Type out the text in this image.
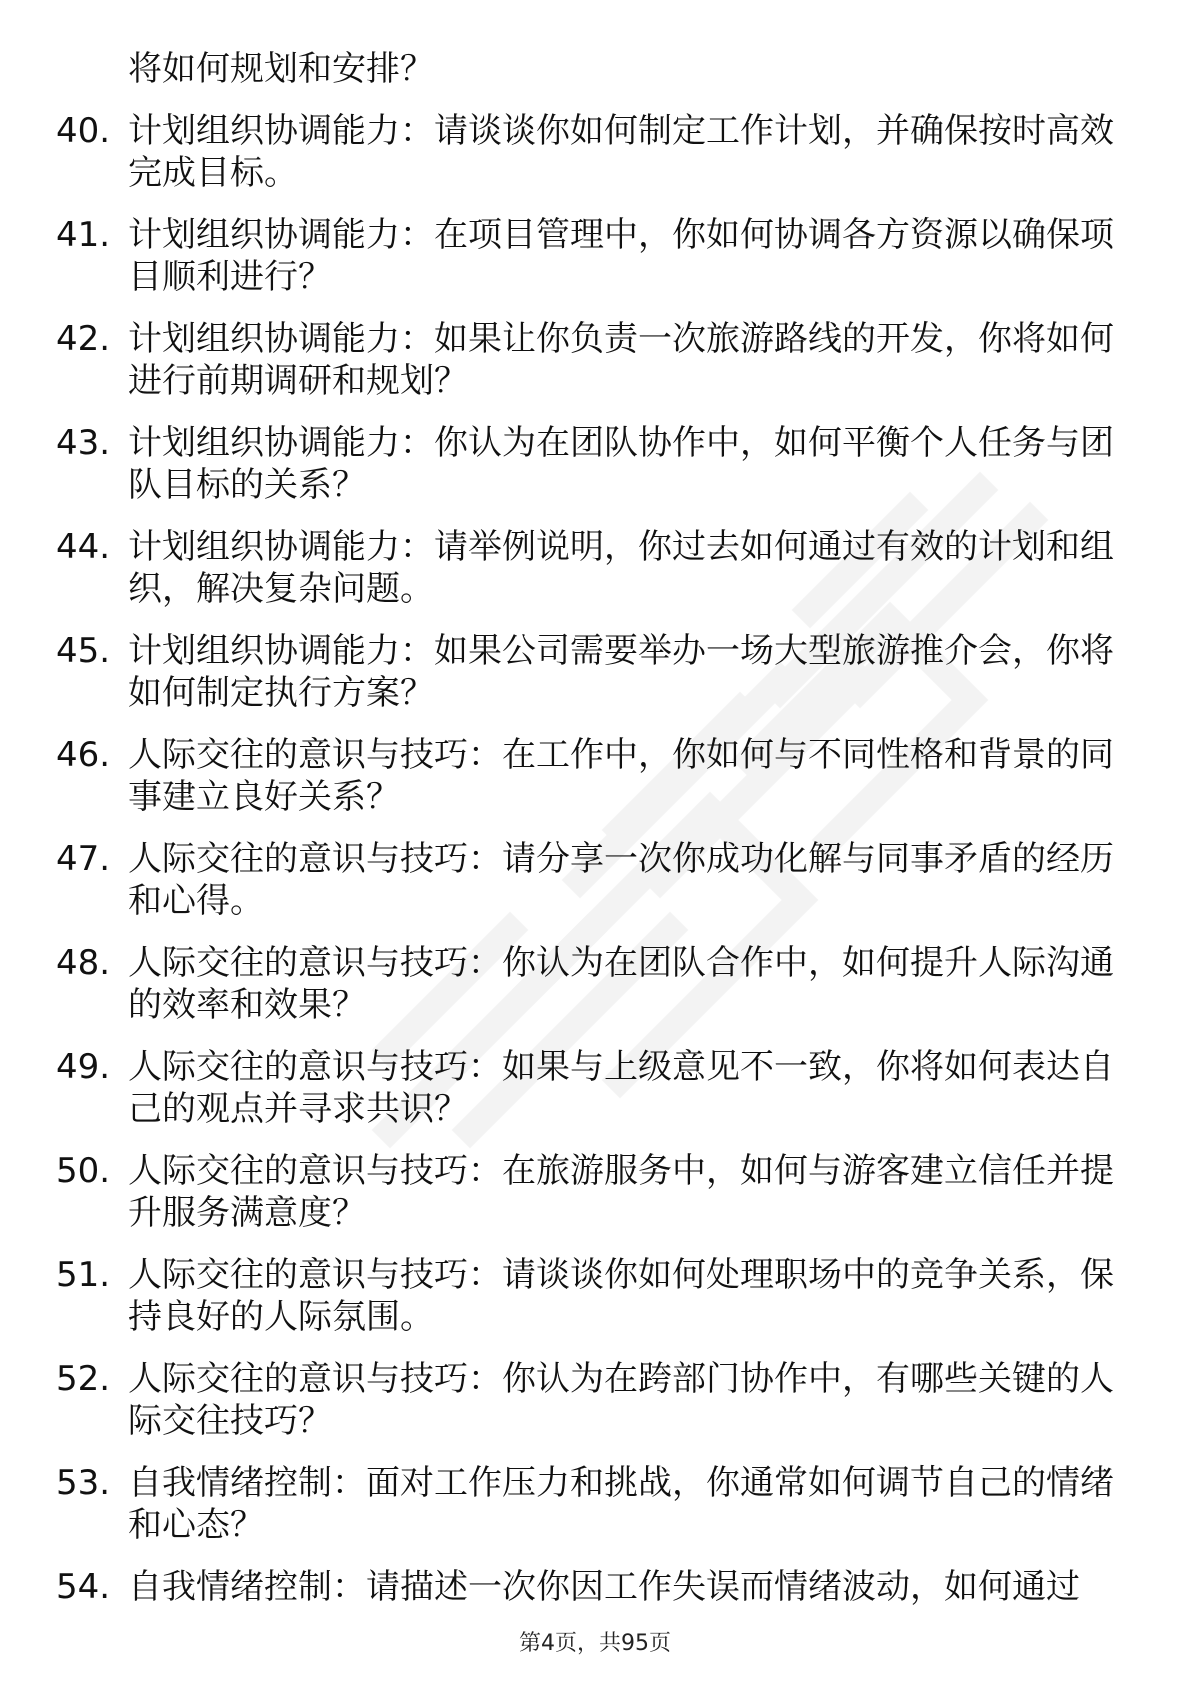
将如何规划和安排？
40. 计划组织协调能力：请谈谈你如何制定工作计划，并确保按时高效完成目标。
41. 计划组织协调能力：在项目管理中，你如何协调各方资源以确保项目顺利进行？
42. 计划组织协调能力：如果让你负责一次旅游路线的开发，你将如何进行前期调研和规划？
43. 计划组织协调能力：你认为在团队协作中，如何平衡个人任务与团队目标的关系？
44. 计划组织协调能力：请举例说明，你过去如何通过有效的计划和组织，解决复杂问题。
45. 计划组织协调能力：如果公司需要举办一场大型旅游推介会，你将如何制定执行方案？
46. 人际交往的意识与技巧：在工作中，你如何与不同性格和背景的同事建立良好关系？
47. 人际交往的意识与技巧：请分享一次你成功化解与同事矛盾的经历和心得。
48. 人际交往的意识与技巧：你认为在团队合作中，如何提升人际沟通的效率和效果？
49. 人际交往的意识与技巧：如果与上级意见不一致，你将如何表达自己的观点并寻求共识？
50. 人际交往的意识与技巧：在旅游服务中，如何与游客建立信任并提升服务满意度？
51. 人际交往的意识与技巧：请谈谈你如何处理职场中的竞争关系，保持良好的人际氛围。
52. 人际交往的意识与技巧：你认为在跨部门协作中，有哪些关键的人际交往技巧？
53. 自我情绪控制：面对工作压力和挑战，你通常如何调节自己的情绪和心态？
54. 自我情绪控制：请描述一次你因工作失误而情绪波动，如何通过
第4页，共95页
